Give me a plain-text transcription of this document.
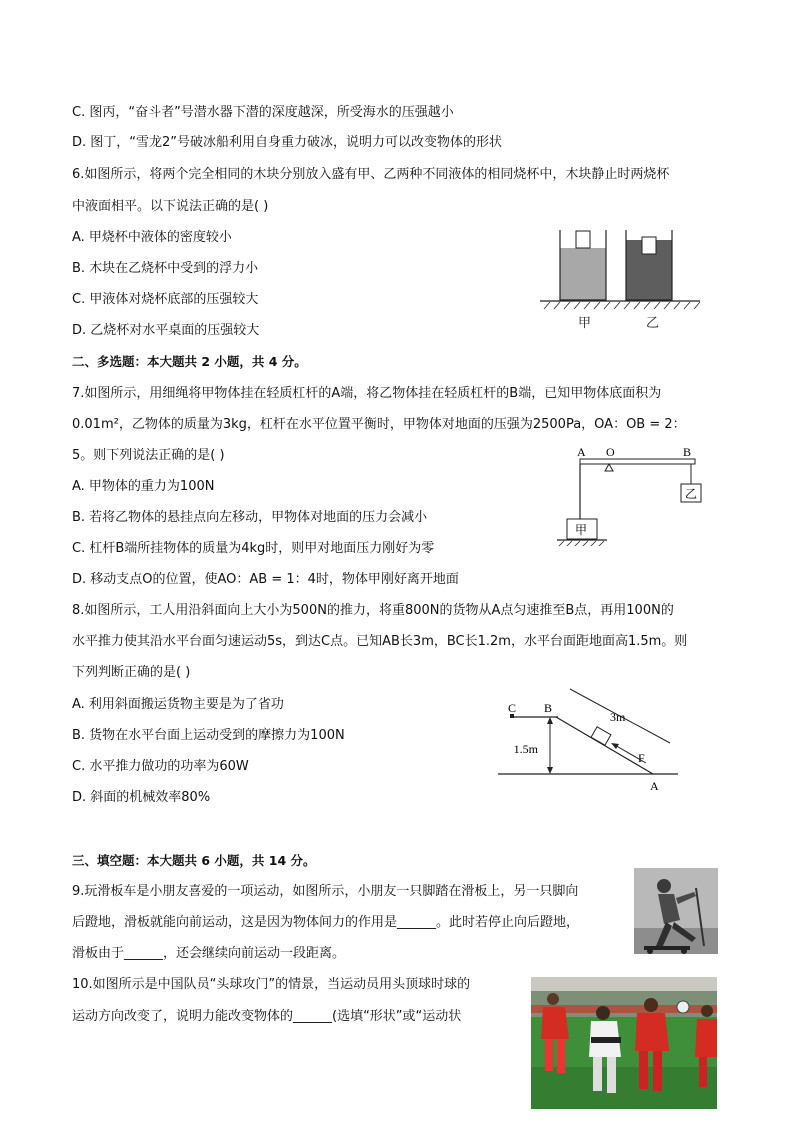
C. 图丙，“奋斗者”号潜水器下潜的深度越深，所受海水的压强越小
D. 图丁，“雪龙2”号破冰船利用自身重力破冰，说明力可以改变物体的形状
6.如图所示，将两个完全相同的木块分别放入盛有甲、乙两种不同液体的相同烧杯中，木块静止时两烧杯
中液面相平。以下说法正确的是( )
A. 甲烧杯中液体的密度较小
B. 木块在乙烧杯中受到的浮力小
C. 甲液体对烧杯底部的压强较大
D. 乙烧杯对水平桌面的压强较大
二、多选题：本大题共 2 小题，共 4 分。
7.如图所示，用细绳将甲物体挂在轻质杠杆的A端，将乙物体挂在轻质杠杆的B端，已知甲物体底面积为
0.01m²，乙物体的质量为3kg，杠杆在水平位置平衡时，甲物体对地面的压强为2500Pa，OA：OB = 2：
5。则下列说法正确的是( )
A. 甲物体的重力为100N
B. 若将乙物体的悬挂点向左移动，甲物体对地面的压力会减小
C. 杠杆B端所挂物体的质量为4kg时，则甲对地面压力刚好为零
D. 移动支点O的位置，使AO：AB = 1：4时，物体甲刚好离开地面
8.如图所示，工人用沿斜面向上大小为500N的推力，将重800N的货物从A点匀速推至B点，再用100N的
水平推力使其沿水平台面匀速运动5s，到达C点。已知AB长3m，BC长1.2m，水平台面距地面高1.5m。则
下列判断正确的是( )
A. 利用斜面搬运货物主要是为了省功
B. 货物在水平台面上运动受到的摩擦力为100N
C. 水平推力做功的功率为60W
D. 斜面的机械效率80%
三、填空题：本大题共 6 小题，共 14 分。
9.玩滑板车是小朋友喜爱的一项运动，如图所示，小朋友一只脚踏在滑板上，另一只脚向
后蹬地，滑板就能向前运动，这是因为物体间力的作用是______。此时若停止向后蹬地，
滑板由于______，还会继续向前运动一段距离。
10.如图所示是中国队员“头球攻门”的情景，当运动员用头顶球时球的
运动方向改变了，说明力能改变物体的______(选填“形状”或“运动状
甲	乙
A O	B
甲
乙
C B
3m
F
1.5m
A
